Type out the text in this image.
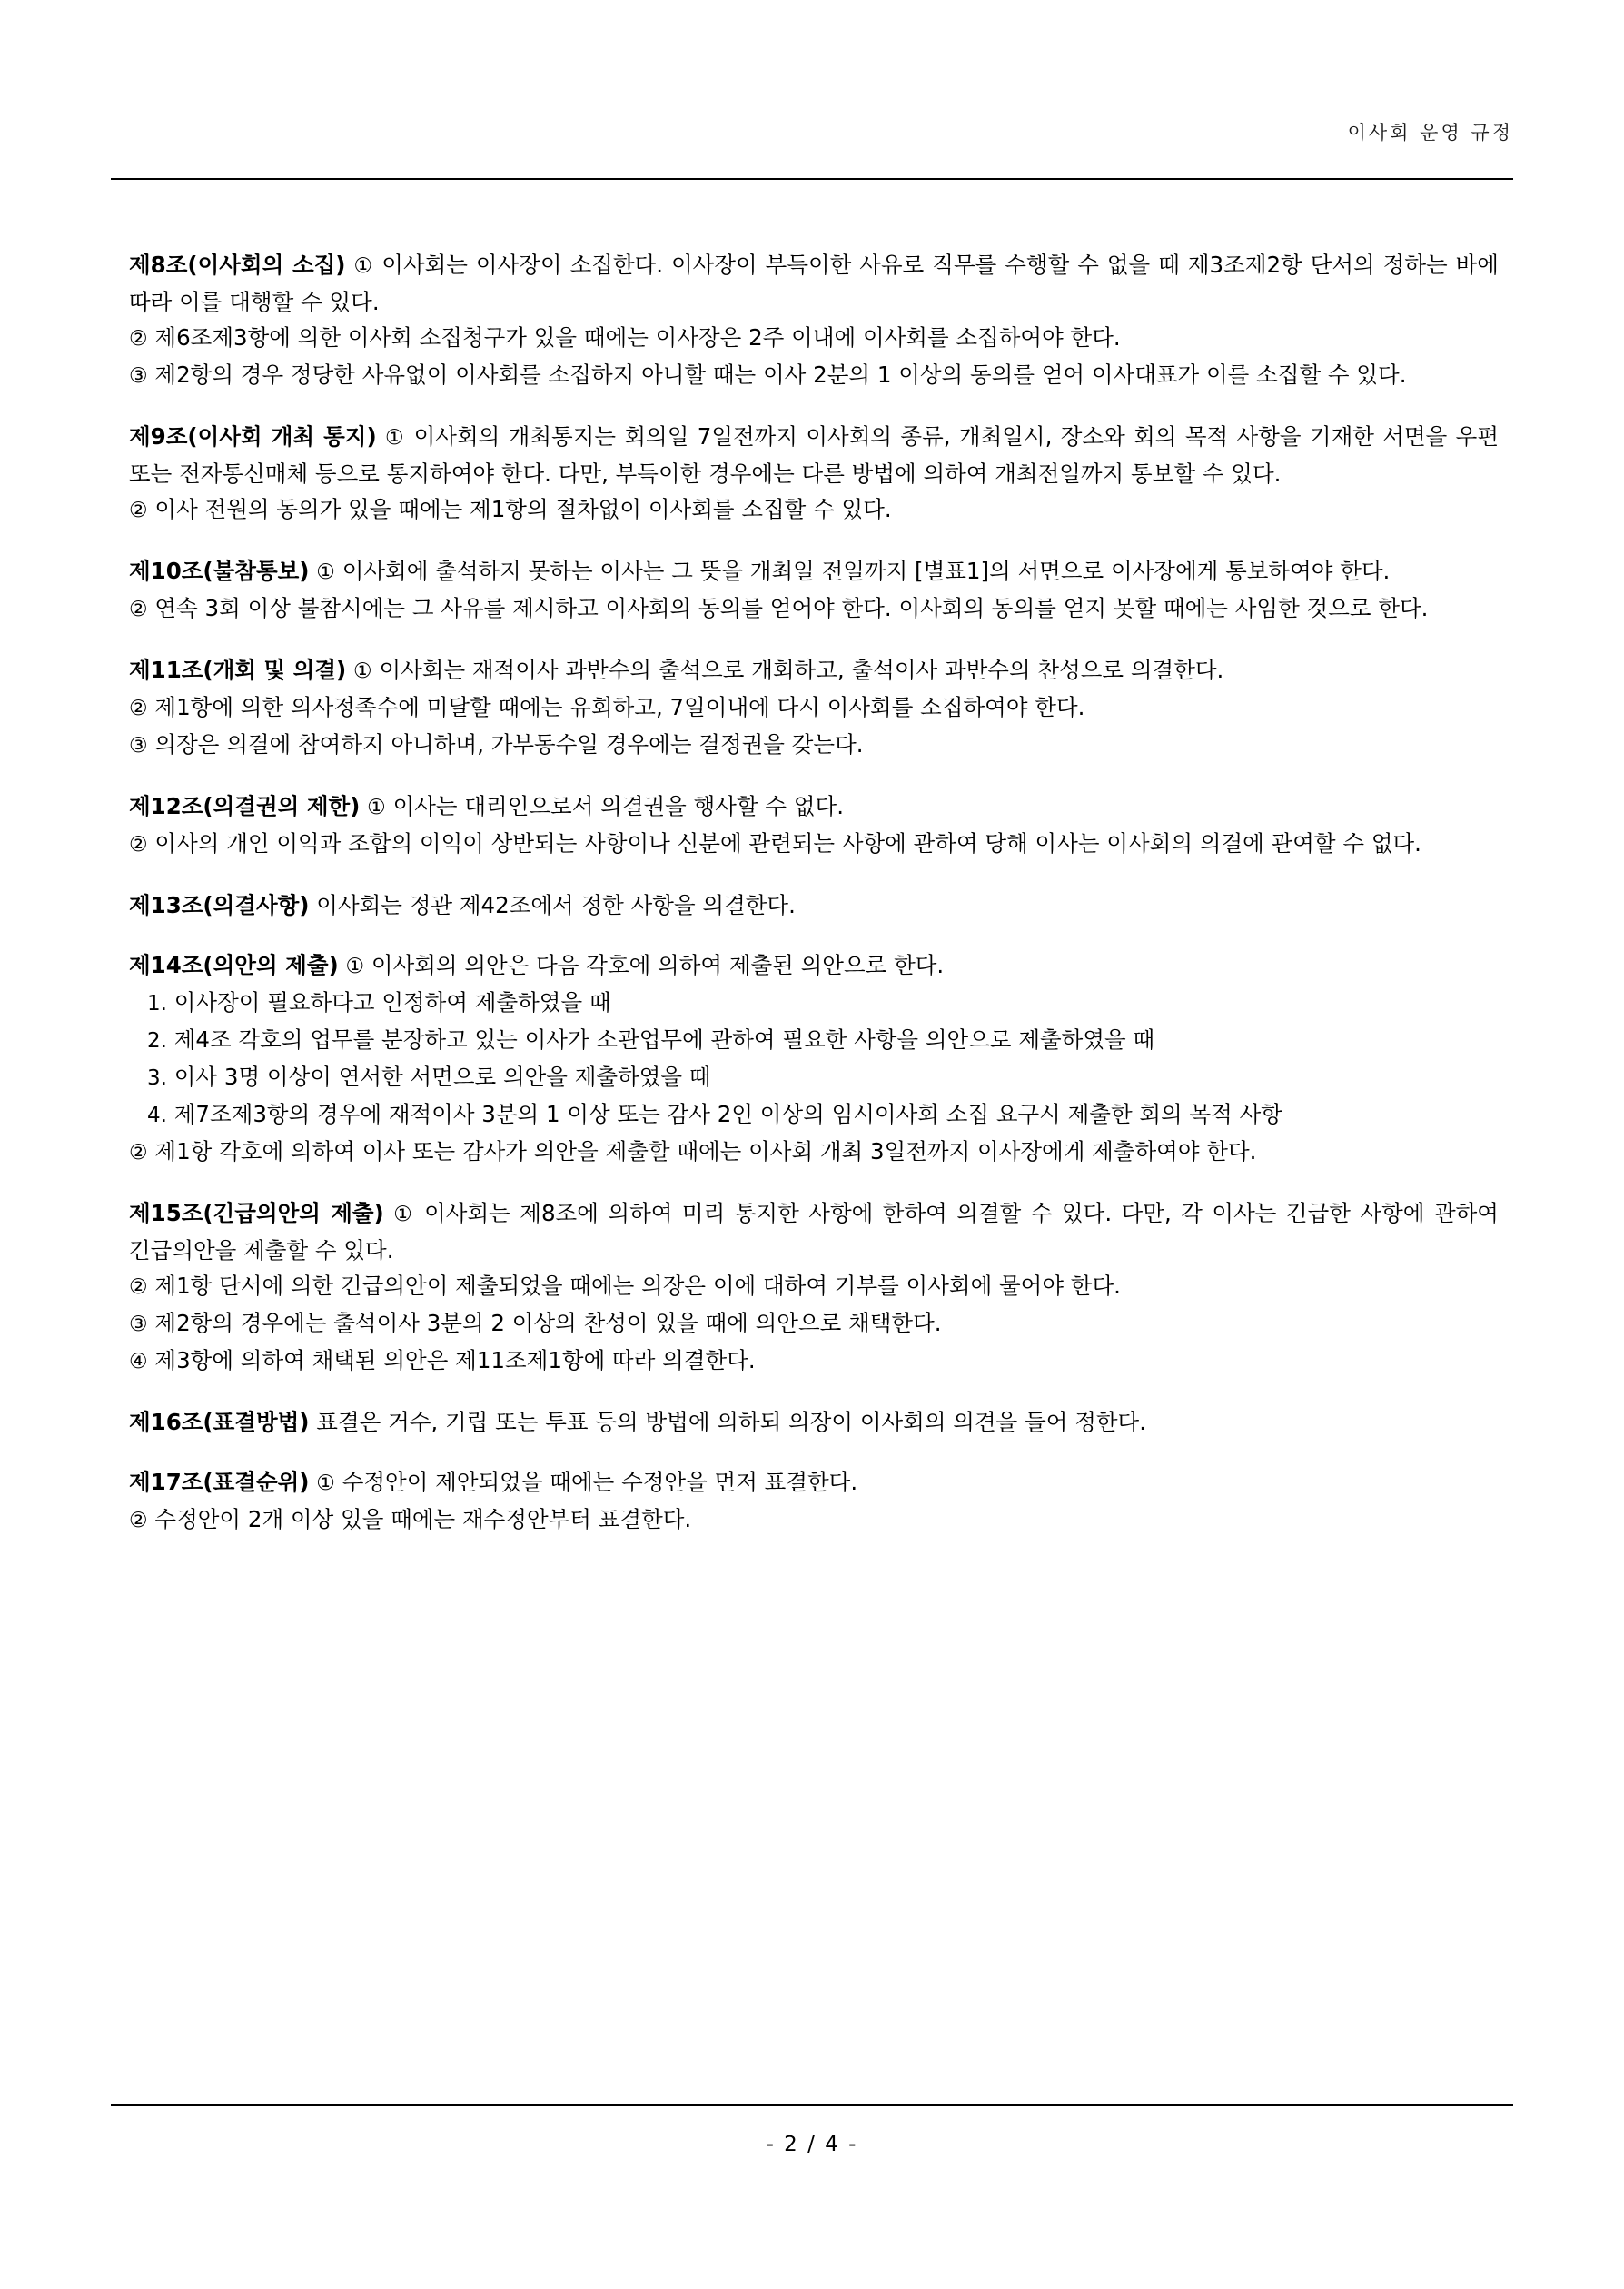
이사회 운영 규정

제8조(이사회의 소집) ① 이사회는 이사장이 소집한다. 이사장이 부득이한 사유로 직무를 수행할 수 없을 때 제3조제2항 단서의 정하는 바에 따라 이를 대행할 수 있다.

② 제6조제3항에 의한 이사회 소집청구가 있을 때에는 이사장은 2주 이내에 이사회를 소집하여야 한다.

③ 제2항의 경우 정당한 사유없이 이사회를 소집하지 아니할 때는 이사 2분의 1 이상의 동의를 얻어 이사대표가 이를 소집할 수 있다.

제9조(이사회 개최 통지) ① 이사회의 개최통지는 회의일 7일전까지 이사회의 종류, 개최일시, 장소와 회의 목적 사항을 기재한 서면을 우편 또는 전자통신매체 등으로 통지하여야 한다. 다만, 부득이한 경우에는 다른 방법에 의하여 개최전일까지 통보할 수 있다.

② 이사 전원의 동의가 있을 때에는 제1항의 절차없이 이사회를 소집할 수 있다.

제10조(불참통보) ① 이사회에 출석하지 못하는 이사는 그 뜻을 개최일 전일까지 [별표1]의 서면으로 이사장에게 통보하여야 한다.

② 연속 3회 이상 불참시에는 그 사유를 제시하고 이사회의 동의를 얻어야 한다. 이사회의 동의를 얻지 못할 때에는 사임한 것으로 한다.

제11조(개회 및 의결) ① 이사회는 재적이사 과반수의 출석으로 개회하고, 출석이사 과반수의 찬성으로 의결한다.

② 제1항에 의한 의사정족수에 미달할 때에는 유회하고, 7일이내에 다시 이사회를 소집하여야 한다.

③ 의장은 의결에 참여하지 아니하며, 가부동수일 경우에는 결정권을 갖는다.

제12조(의결권의 제한) ① 이사는 대리인으로서 의결권을 행사할 수 없다.

② 이사의 개인 이익과 조합의 이익이 상반되는 사항이나 신분에 관련되는 사항에 관하여 당해 이사는 이사회의 의결에 관여할 수 없다.

제13조(의결사항) 이사회는 정관 제42조에서 정한 사항을 의결한다.

제14조(의안의 제출) ① 이사회의 의안은 다음 각호에 의하여 제출된 의안으로 한다.

1. 이사장이 필요하다고 인정하여 제출하였을 때

2. 제4조 각호의 업무를 분장하고 있는 이사가 소관업무에 관하여 필요한 사항을 의안으로 제출하였을 때

3. 이사 3명 이상이 연서한 서면으로 의안을 제출하였을 때

4. 제7조제3항의 경우에 재적이사 3분의 1 이상 또는 감사 2인 이상의 임시이사회 소집 요구시 제출한 회의 목적 사항

② 제1항 각호에 의하여 이사 또는 감사가 의안을 제출할 때에는 이사회 개최 3일전까지 이사장에게 제출하여야 한다.

제15조(긴급의안의 제출) ① 이사회는 제8조에 의하여 미리 통지한 사항에 한하여 의결할 수 있다. 다만, 각 이사는 긴급한 사항에 관하여 긴급의안을 제출할 수 있다.

② 제1항 단서에 의한 긴급의안이 제출되었을 때에는 의장은 이에 대하여 기부를 이사회에 물어야 한다.

③ 제2항의 경우에는 출석이사 3분의 2 이상의 찬성이 있을 때에 의안으로 채택한다.

④ 제3항에 의하여 채택된 의안은 제11조제1항에 따라 의결한다.

제16조(표결방법) 표결은 거수, 기립 또는 투표 등의 방법에 의하되 의장이 이사회의 의견을 들어 정한다.

제17조(표결순위) ① 수정안이 제안되었을 때에는 수정안을 먼저 표결한다.

② 수정안이 2개 이상 있을 때에는 재수정안부터 표결한다.

- 2 / 4 -
